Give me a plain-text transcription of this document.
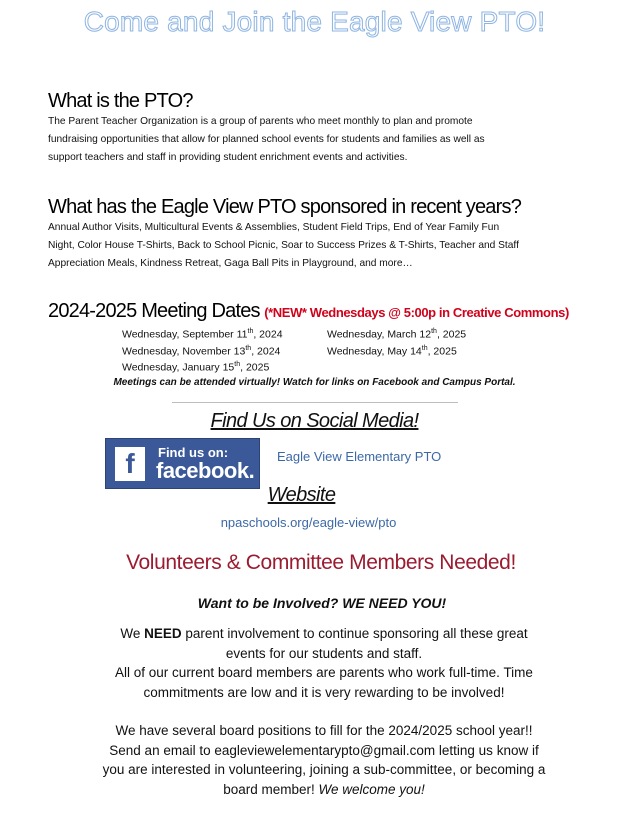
Come and Join the Eagle View PTO!
What is the PTO?
The Parent Teacher Organization is a group of parents who meet monthly to plan and promote
fundraising opportunities that allow for planned school events for students and families as well as
support teachers and staff in providing student enrichment events and activities.
What has the Eagle View PTO sponsored in recent years?
Annual Author Visits, Multicultural Events & Assemblies, Student Field Trips, End of Year Family Fun
Night, Color House T-Shirts, Back to School Picnic, Soar to Success Prizes & T-Shirts, Teacher and Staff
Appreciation Meals, Kindness Retreat, Gaga Ball Pits in Playground, and more…
2024-2025 Meeting Dates (*NEW* Wednesdays @ 5:00p in Creative Commons)
Wednesday, September 11th, 2024
Wednesday, November 13th, 2024
Wednesday, January 15th, 2025
Wednesday, March 12th, 2025
Wednesday, May 14th, 2025
Meetings can be attended virtually! Watch for links on Facebook and Campus Portal.
Find Us on Social Media!
f	Find us on:
facebook.
Eagle View Elementary PTO
Website
npaschools.org/eagle-view/pto
Volunteers & Committee Members Needed!
Want to be Involved? WE NEED YOU!
We NEED parent involvement to continue sponsoring all these great
events for our students and staff.
All of our current board members are parents who work full-time. Time
commitments are low and it is very rewarding to be involved!
We have several board positions to fill for the 2024/2025 school year!!
Send an email to eagleviewelementarypto@gmail.com letting us know if
you are interested in volunteering, joining a sub-committee, or becoming a
board member! We welcome you!
